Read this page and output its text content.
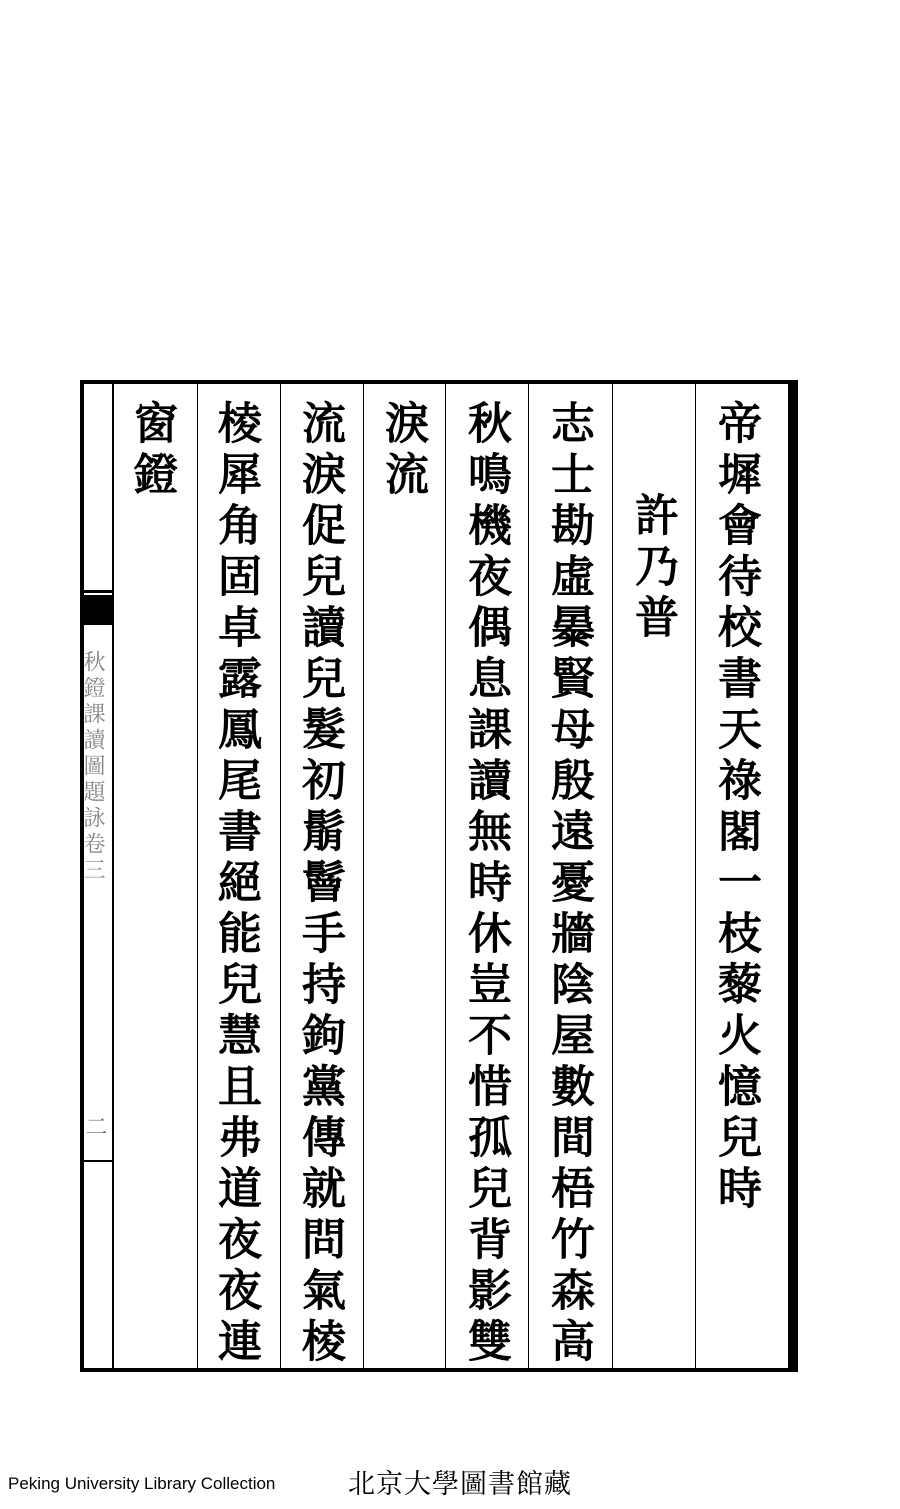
秋鐙課讀圖題詠卷三
二	帝墀會待校書天祿閣一枝藜火憶兒時
許乃普
志士勘虛㬥賢母殷遠憂牆陰屋數間梧竹森高
秋鳴機夜偶息課讀無時休豈不惜孤兒背影雙
淚流
流淚促兒讀兒髮初鬅鬙手持鉤黨傳就問氣棱
棱犀角固卓露鳳尾書絕能兒慧且弗道夜夜連
窗鐙
Peking University Library Collection	北京大學圖書館藏
